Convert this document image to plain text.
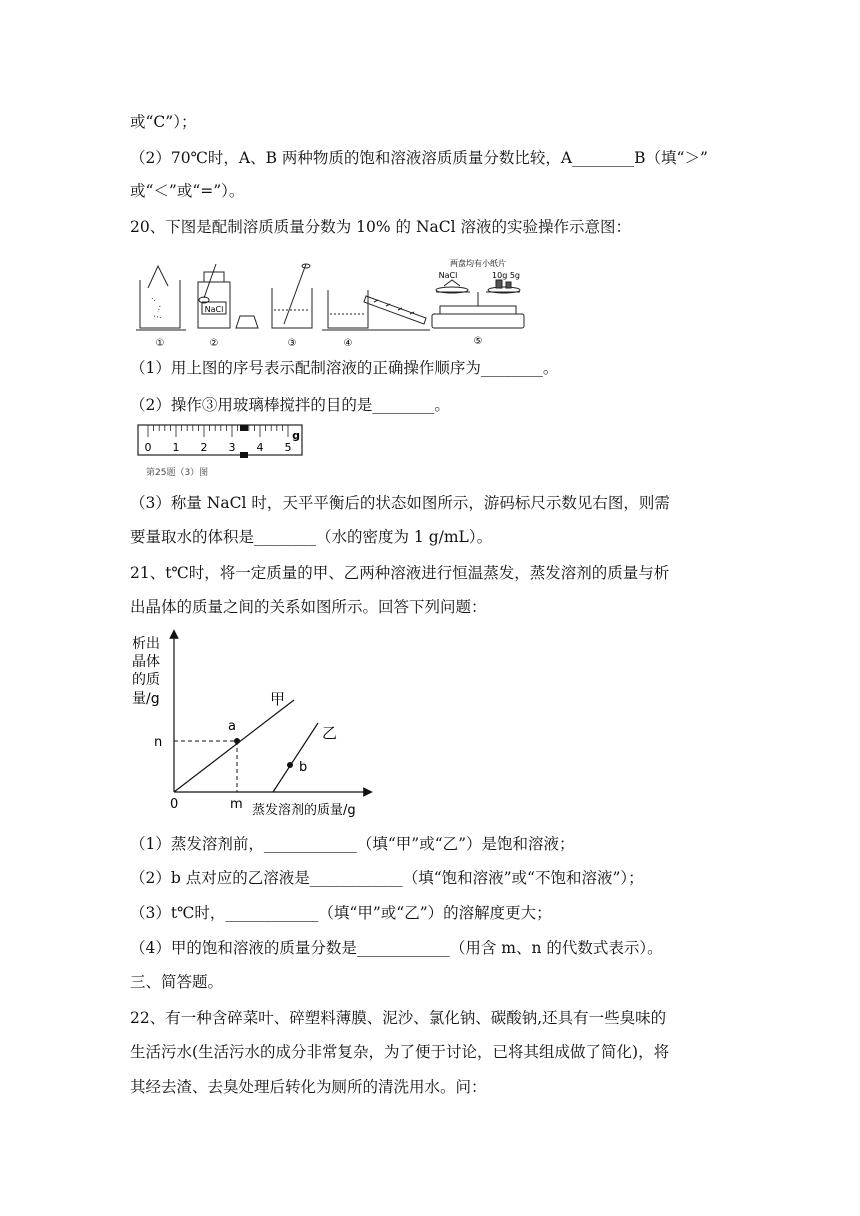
或“C”）；
（2）70℃时，A、B 两种物质的饱和溶液溶质质量分数比较，A________B（填“＞”
或“＜”或“=”）。
20、下图是配制溶质质量分数为 10% 的 NaCl 溶液的实验操作示意图：
①	②
NaCl
③	④
两盘均有小纸片
NaCl	10g 5g
⑤
（1）用上图的序号表示配制溶液的正确操作顺序为________。
（2）操作③用玻璃棒搅拌的目的是________。
0 1 2 3 4 5
g
第25题（3）图
（3）称量 NaCl 时，天平平衡后的状态如图所示，游码标尺示数见右图，则需
要量取水的体积是________（水的密度为 1 g/mL）。
21、t℃时，将一定质量的甲、乙两种溶液进行恒温蒸发，蒸发溶剂的质量与析
出晶体的质量之间的关系如图所示。回答下列问题：
析出
晶体
的质
量/g
a
b
n
m
0
甲
乙
蒸发溶剂的质量/g
（1）蒸发溶剂前，____________（填“甲”或“乙”）是饱和溶液；
（2）b 点对应的乙溶液是____________（填“饱和溶液”或“不饱和溶液”）；
（3）t℃时，____________（填“甲”或“乙”）的溶解度更大；
（4）甲的饱和溶液的质量分数是____________（用含 m、n 的代数式表示）。
三、简答题。
22、有一种含碎菜叶、碎塑料薄膜、泥沙、氯化钠、碳酸钠,还具有一些臭味的
生活污水(生活污水的成分非常复杂，为了便于讨论，已将其组成做了简化)，将
其经去渣、去臭处理后转化为厕所的清洗用水。问：
